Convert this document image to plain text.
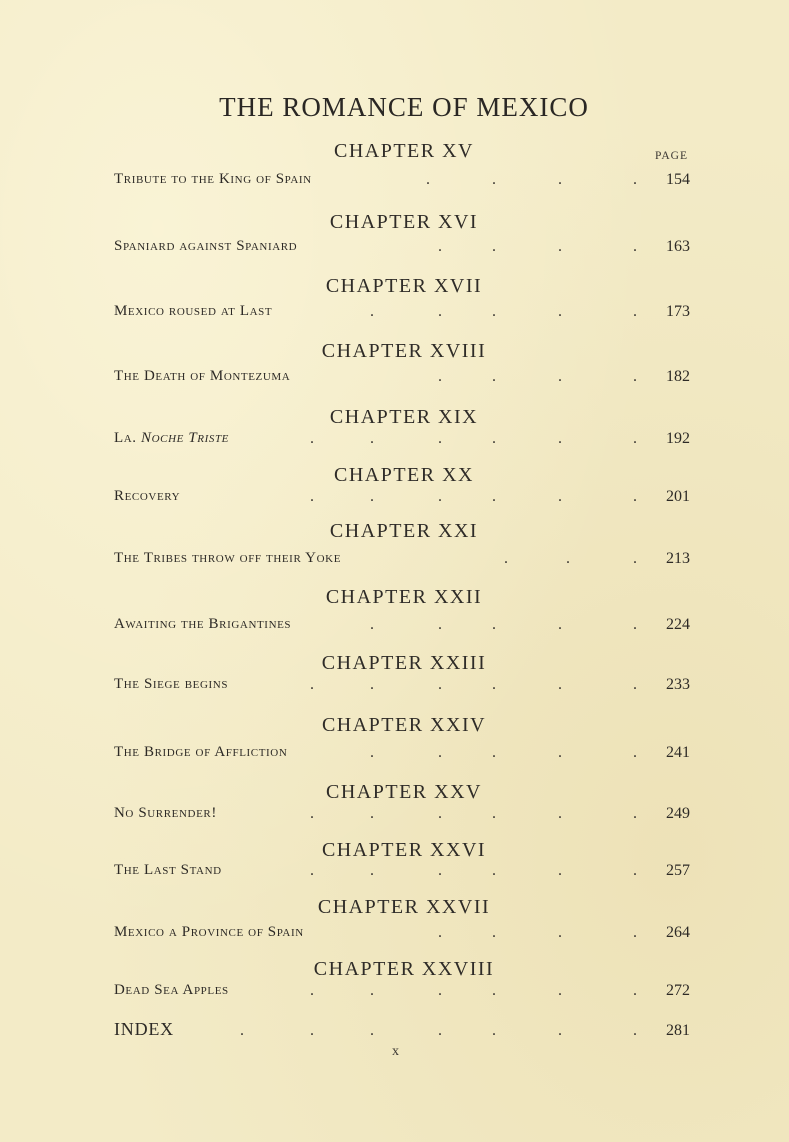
THE ROMANCE OF MEXICO
PAGE
CHAPTER XV
Tribute to the King of Spain	.	.	.	. 154
CHAPTER XVI
Spaniard against Spaniard	.	.	.	. 163
CHAPTER XVII
Mexico roused at Last	.	.	.	.	. 173
CHAPTER XVIII
The Death of Montezuma	.	.	.	. 182
CHAPTER XIX
La. Noche Triste	.	.	.	.	.	. 192
CHAPTER XX
Recovery	.	.	.	.	.	. 201
CHAPTER XXI
The Tribes throw off their Yoke	.	.	. 213
CHAPTER XXII
Awaiting the Brigantines	.	.	.	.	. 224
CHAPTER XXIII
The Siege begins	.	.	.	.	.	. 233
CHAPTER XXIV
The Bridge of Affliction	.	.	.	.	. 241
CHAPTER XXV
No Surrender!	.	.	.	.	.	. 249
CHAPTER XXVI
The Last Stand	.	.	.	.	.	. 257
CHAPTER XXVII
Mexico a Province of Spain	.	.	.	. 264
CHAPTER XXVIII
Dead Sea Apples	.	.	.	.	.	. 272
INDEX	.	.	.	.	.	.	. 281
x
